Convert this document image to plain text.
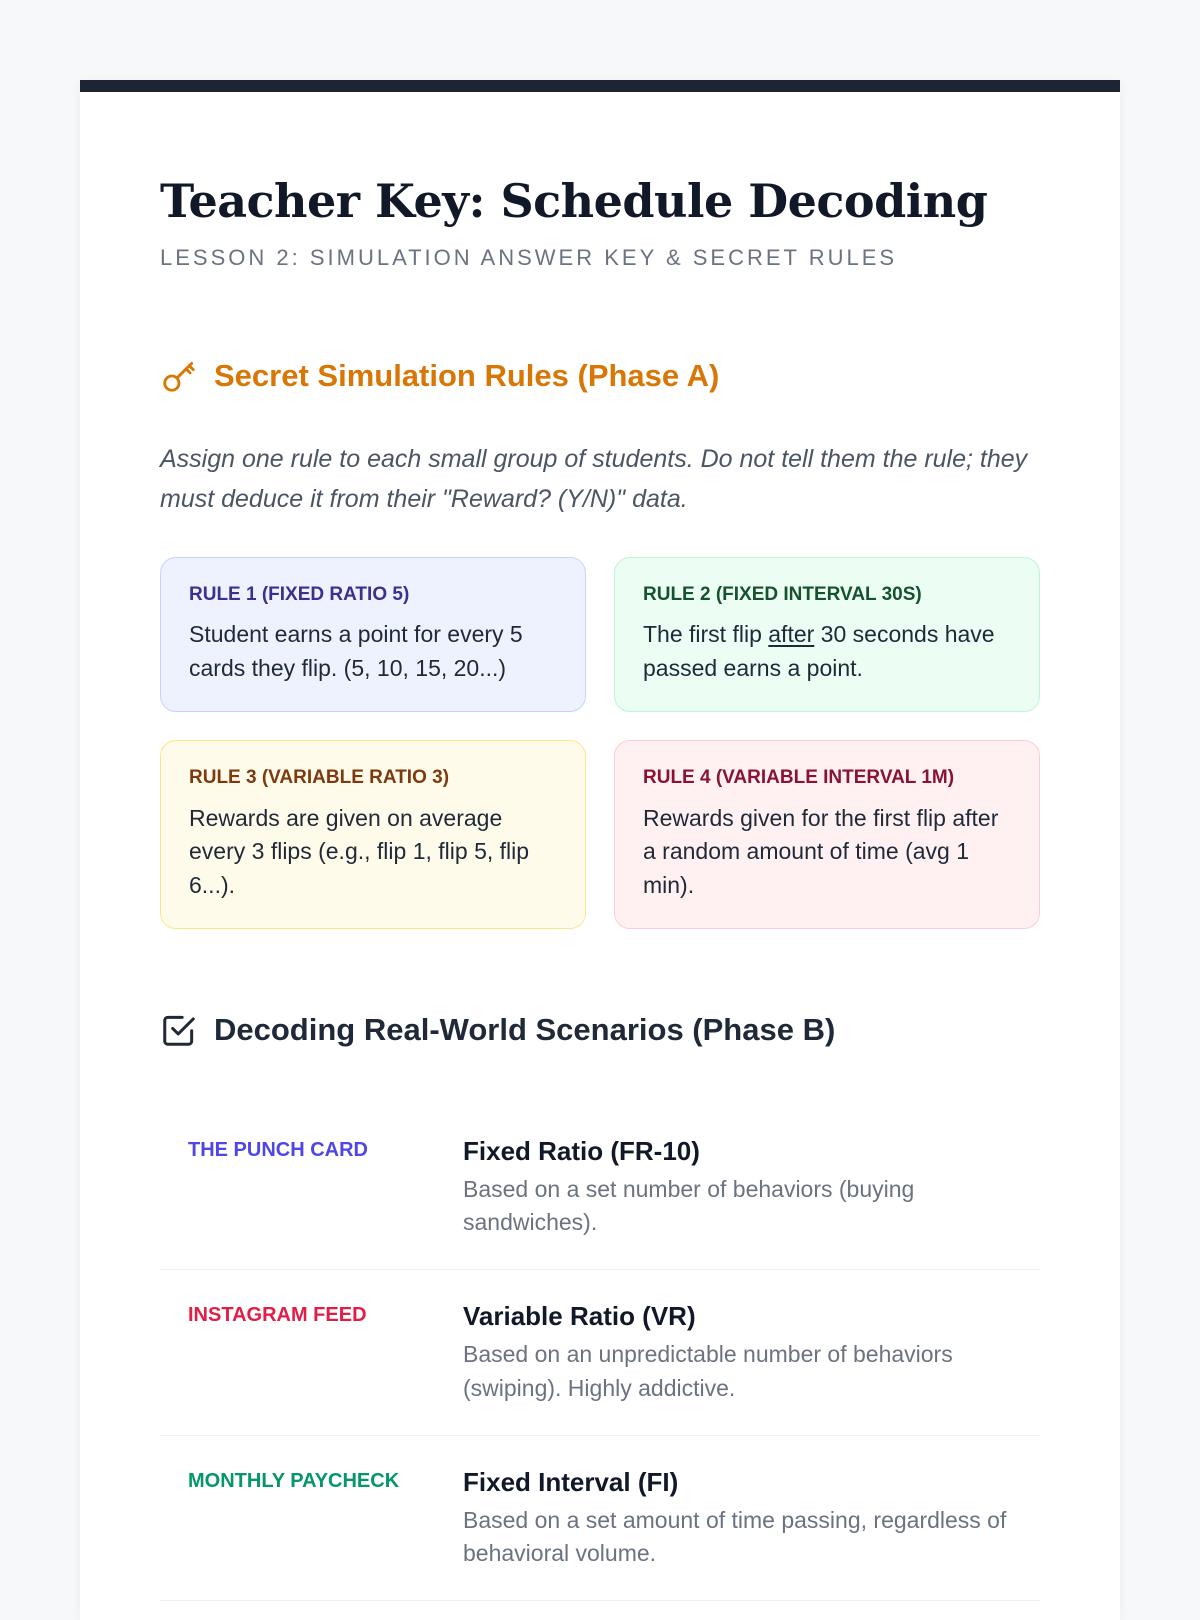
Teacher Key: Schedule Decoding
LESSON 2: SIMULATION ANSWER KEY & SECRET RULES
Secret Simulation Rules (Phase A)
Assign one rule to each small group of students. Do not tell them the rule; they must deduce it from their "Reward? (Y/N)" data.
RULE 1 (FIXED RATIO 5)
Student earns a point for every 5 cards they flip. (5, 10, 15, 20...)
RULE 2 (FIXED INTERVAL 30S)
The first flip after 30 seconds have passed earns a point.
RULE 3 (VARIABLE RATIO 3)
Rewards are given on average every 3 flips (e.g., flip 1, flip 5, flip 6...).
RULE 4 (VARIABLE INTERVAL 1M)
Rewards given for the first flip after a random amount of time (avg 1 min).
Decoding Real-World Scenarios (Phase B)
THE PUNCH CARD	Fixed Ratio (FR-10)
Based on a set number of behaviors (buying sandwiches).
INSTAGRAM FEED	Variable Ratio (VR)
Based on an unpredictable number of behaviors (swiping). Highly addictive.
MONTHLY PAYCHECK	Fixed Interval (FI)
Based on a set amount of time passing, regardless of behavioral volume.
